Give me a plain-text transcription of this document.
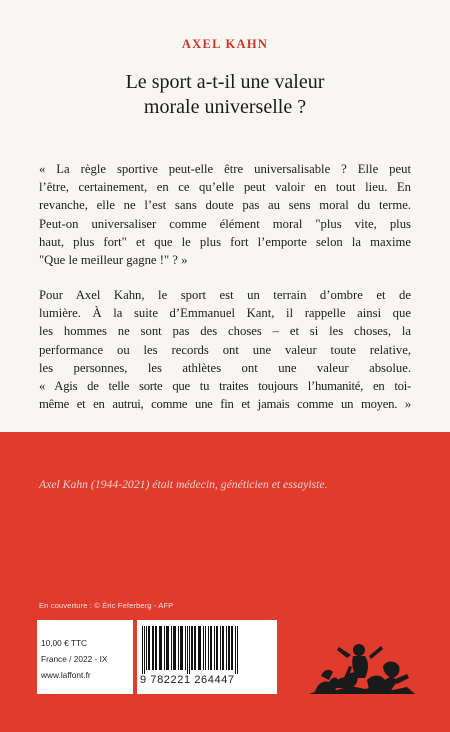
AXEL KAHN
Le sport a-t-il une valeur
morale universelle ?
« La règle sportive peut-elle être universalisable ? Elle peut
l’être, certainement, en ce qu’elle peut valoir en tout lieu. En
revanche, elle ne l’est sans doute pas au sens moral du terme.
Peut-on universaliser comme élément moral "plus vite, plus
haut, plus fort" et que le plus fort l’emporte selon la maxime
"Que le meilleur gagne !" ? »
Pour Axel Kahn, le sport est un terrain d’ombre et de
lumière. À la suite d’Emmanuel Kant, il rappelle ainsi que
les hommes ne sont pas des choses – et si les choses, la
performance ou les records ont une valeur toute relative,
les personnes, les athlètes ont une valeur absolue.
« Agis de telle sorte que tu traites toujours l’humanité, en toi-
même et en autrui, comme une fin et jamais comme un moyen. »
Axel Kahn (1944-2021) était médecin, généticien et essayiste.
En couverture : © Éric Feferberg - AFP
10,00 € TTC
France / 2022 - IX
www.laffont.fr	9 782221 264447
